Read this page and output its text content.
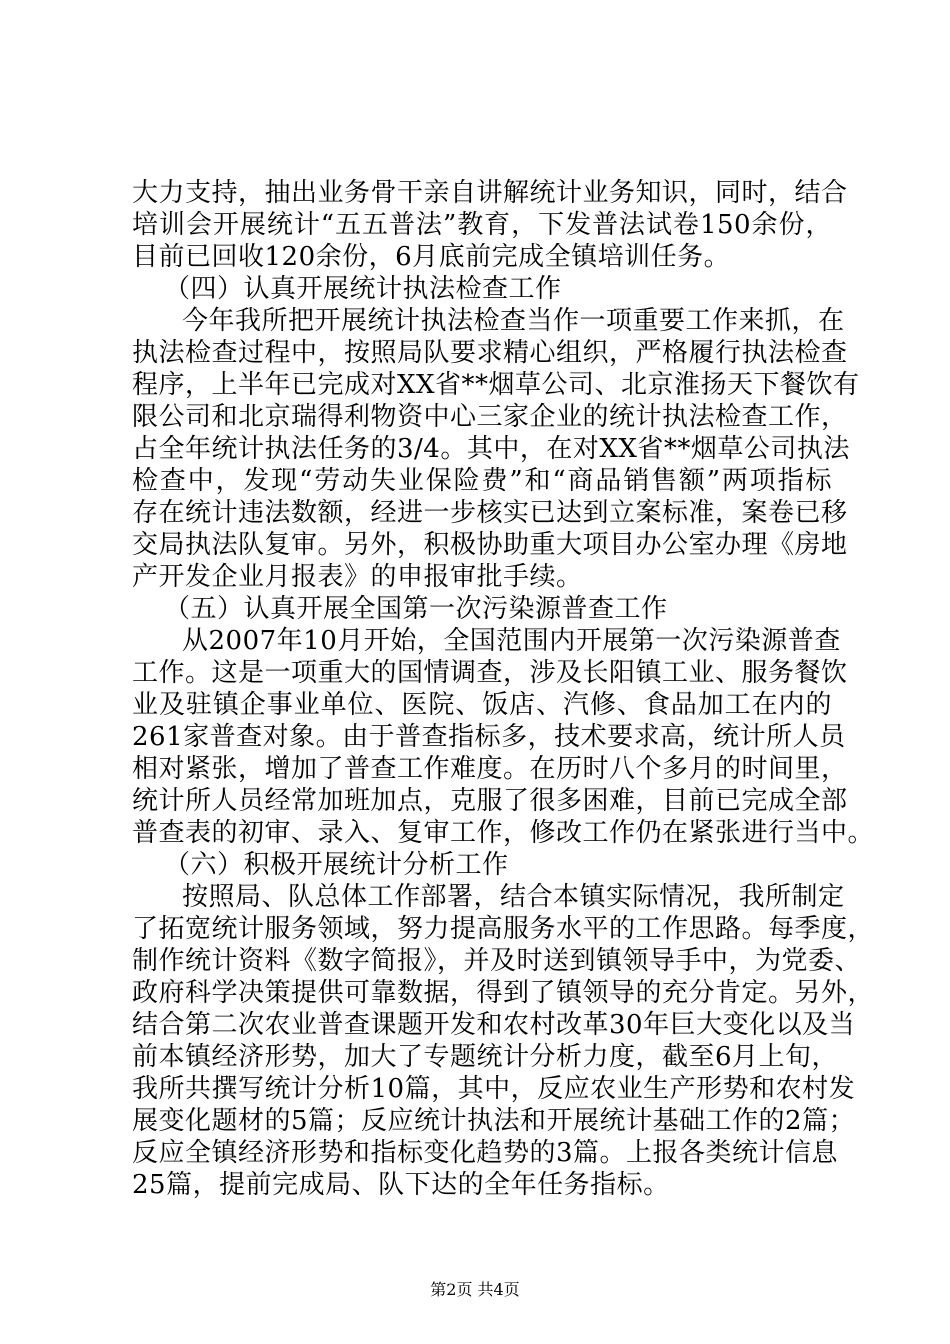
大力支持，抽出业务骨干亲自讲解统计业务知识，同时，结合
培训会开展统计“五五普法”教育，下发普法试卷150余份，
目前已回收120余份，6月底前完成全镇培训任务。
（四）认真开展统计执法检查工作
今年我所把开展统计执法检查当作一项重要工作来抓，在
执法检查过程中，按照局队要求精心组织，严格履行执法检查
程序，上半年已完成对XX省**烟草公司、北京淮扬天下餐饮有
限公司和北京瑞得利物资中心三家企业的统计执法检查工作，
占全年统计执法任务的3/4。其中，在对XX省**烟草公司执法
检查中，发现“劳动失业保险费”和“商品销售额”两项指标
存在统计违法数额，经进一步核实已达到立案标准，案卷已移
交局执法队复审。另外，积极协助重大项目办公室办理《房地
产开发企业月报表》的申报审批手续。
（五）认真开展全国第一次污染源普查工作
从2007年10月开始，全国范围内开展第一次污染源普查
工作。这是一项重大的国情调查，涉及长阳镇工业、服务餐饮
业及驻镇企事业单位、医院、饭店、汽修、食品加工在内的
261家普查对象。由于普查指标多，技术要求高，统计所人员
相对紧张，增加了普查工作难度。在历时八个多月的时间里，
统计所人员经常加班加点，克服了很多困难，目前已完成全部
普查表的初审、录入、复审工作，修改工作仍在紧张进行当中。
（六）积极开展统计分析工作
按照局、队总体工作部署，结合本镇实际情况，我所制定
了拓宽统计服务领域，努力提高服务水平的工作思路。每季度，
制作统计资料《数字简报》，并及时送到镇领导手中，为党委、
政府科学决策提供可靠数据，得到了镇领导的充分肯定。另外，
结合第二次农业普查课题开发和农村改革30年巨大变化以及当
前本镇经济形势，加大了专题统计分析力度，截至6月上旬，
我所共撰写统计分析10篇，其中，反应农业生产形势和农村发
展变化题材的5篇；反应统计执法和开展统计基础工作的2篇；
反应全镇经济形势和指标变化趋势的3篇。上报各类统计信息
25篇，提前完成局、队下达的全年任务指标。
第2页 共4页
